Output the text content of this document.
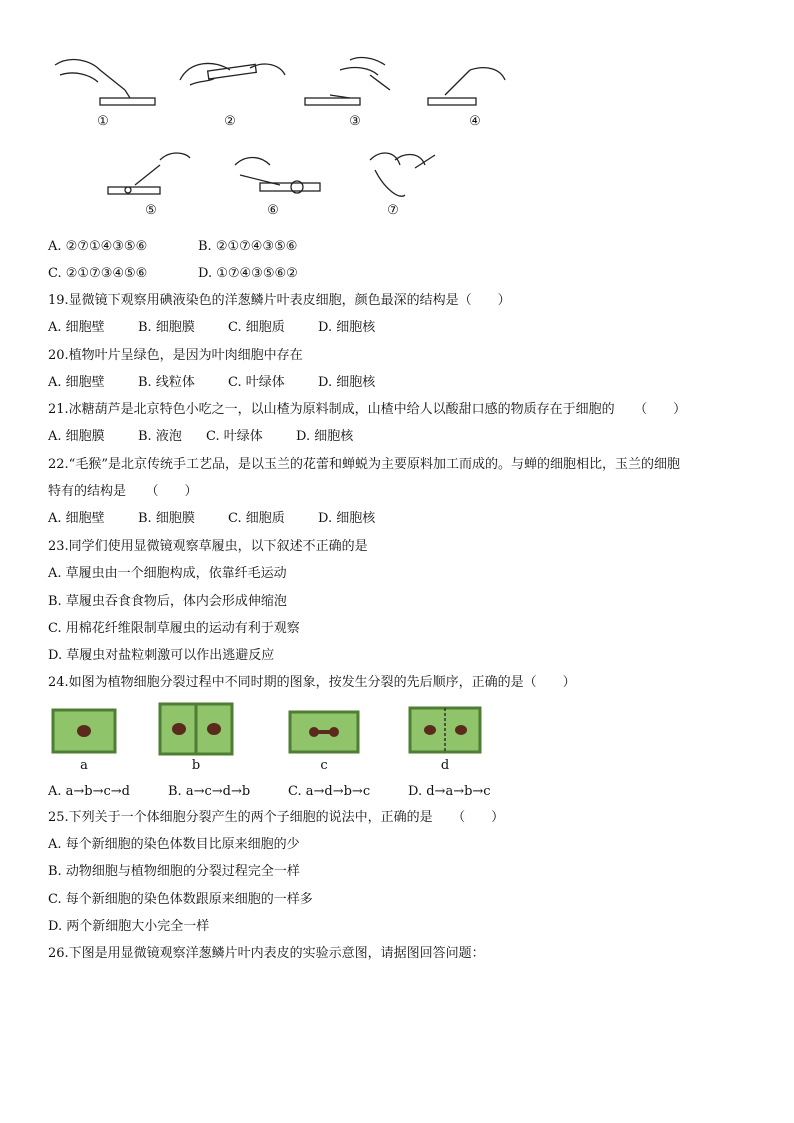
①	②	③	④
⑤	⑥	⑦
A. ②⑦①④③⑤⑥	B. ②①⑦④③⑤⑥
C. ②①⑦③④⑤⑥	D. ①⑦④③⑤⑥②
19.显微镜下观察用碘液染色的洋葱鳞片叶表皮细胞，颜色最深的结构是（　　）
A. 细胞壁	B. 细胞膜	C. 细胞质	D. 细胞核
20.植物叶片呈绿色，是因为叶肉细胞中存在
A. 细胞壁	B. 线粒体	C. 叶绿体	D. 细胞核
21.冰糖葫芦是北京特色小吃之一，以山楂为原料制成，山楂中给人以酸甜口感的物质存在于细胞的　　（　　）
A. 细胞膜	B. 液泡 C. 叶绿体	D. 细胞核
22.“毛猴”是北京传统手工艺品，是以玉兰的花蕾和蝉蜕为主要原料加工而成的。与蝉的细胞相比，玉兰的细胞
特有的结构是　　（　　）
A. 细胞壁	B. 细胞膜	C. 细胞质	D. 细胞核
23.同学们使用显微镜观察草履虫，以下叙述不正确的是
A. 草履虫由一个细胞构成，依靠纤毛运动
B. 草履虫吞食食物后，体内会形成伸缩泡
C. 用棉花纤维限制草履虫的运动有利于观察
D. 草履虫对盐粒刺激可以作出逃避反应
24.如图为植物细胞分裂过程中不同时期的图象，按发生分裂的先后顺序，正确的是（　　）
a	b	c	d
A. a→b→c→d	B. a→c→d→b	C. a→d→b→c	D. d→a→b→c
25.下列关于一个体细胞分裂产生的两个子细胞的说法中，正确的是　　（　　）
A. 每个新细胞的染色体数目比原来细胞的少
B. 动物细胞与植物细胞的分裂过程完全一样
C. 每个新细胞的染色体数跟原来细胞的一样多
D. 两个新细胞大小完全一样
26.下图是用显微镜观察洋葱鳞片叶内表皮的实验示意图，请据图回答问题：
